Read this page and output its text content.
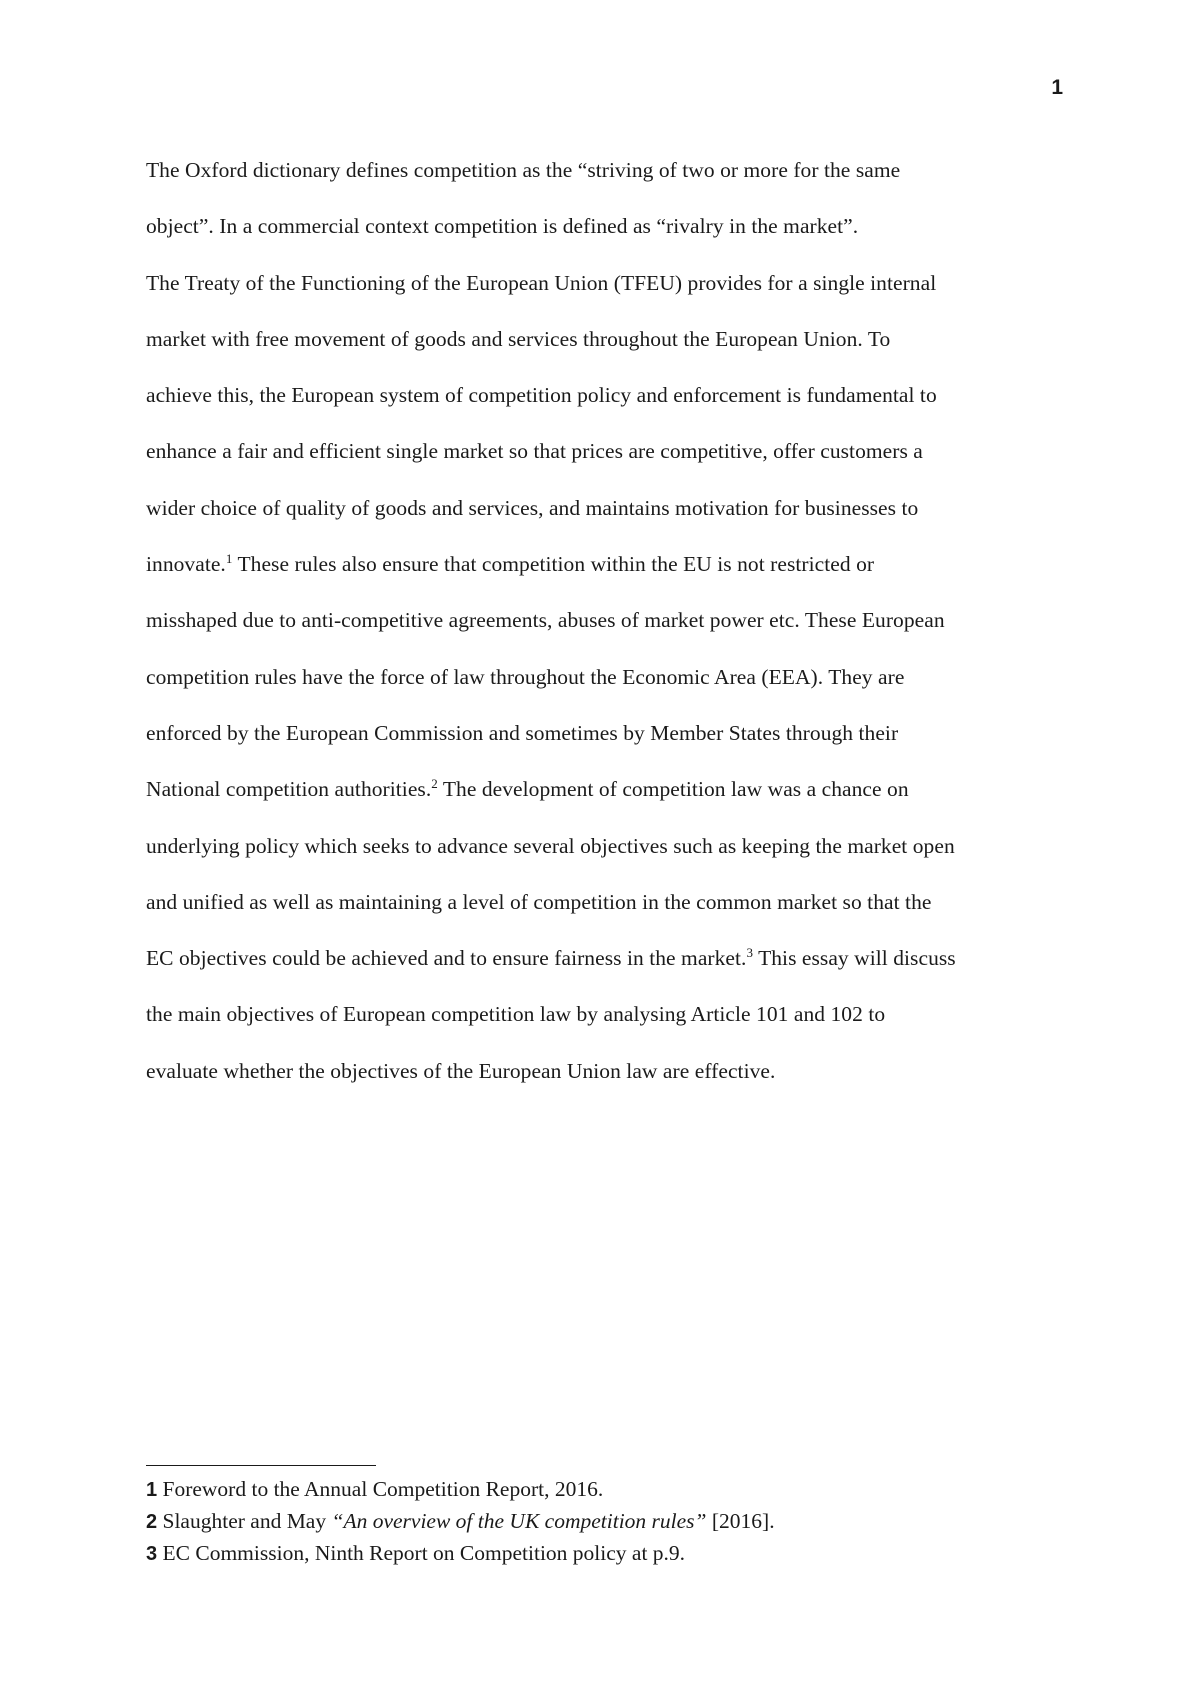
1
The Oxford dictionary defines competition as the “striving of two or more for the same
object”. In a commercial context competition is defined as “rivalry in the market”.
The Treaty of the Functioning of the European Union (TFEU) provides for a single internal
market with free movement of goods and services throughout the European Union. To
achieve this, the European system of competition policy and enforcement is fundamental to
enhance a fair and efficient single market so that prices are competitive, offer customers a
wider choice of quality of goods and services, and maintains motivation for businesses to
innovate.$^1$ These rules also ensure that competition within the EU is not restricted or
misshaped due to anti-competitive agreements, abuses of market power etc. These European
competition rules have the force of law throughout the Economic Area (EEA). They are
enforced by the European Commission and sometimes by Member States through their
National competition authorities.$^2$ The development of competition law was a chance on
underlying policy which seeks to advance several objectives such as keeping the market open
and unified as well as maintaining a level of competition in the common market so that the
EC objectives could be achieved and to ensure fairness in the market.$^3$ This essay will discuss
the main objectives of European competition law by analysing Article 101 and 102 to
evaluate whether the objectives of the European Union law are effective.
1 Foreword to the Annual Competition Report, 2016.
2 Slaughter and May “An overview of the UK competition rules” [2016].
3 EC Commission, Ninth Report on Competition policy at p.9.
